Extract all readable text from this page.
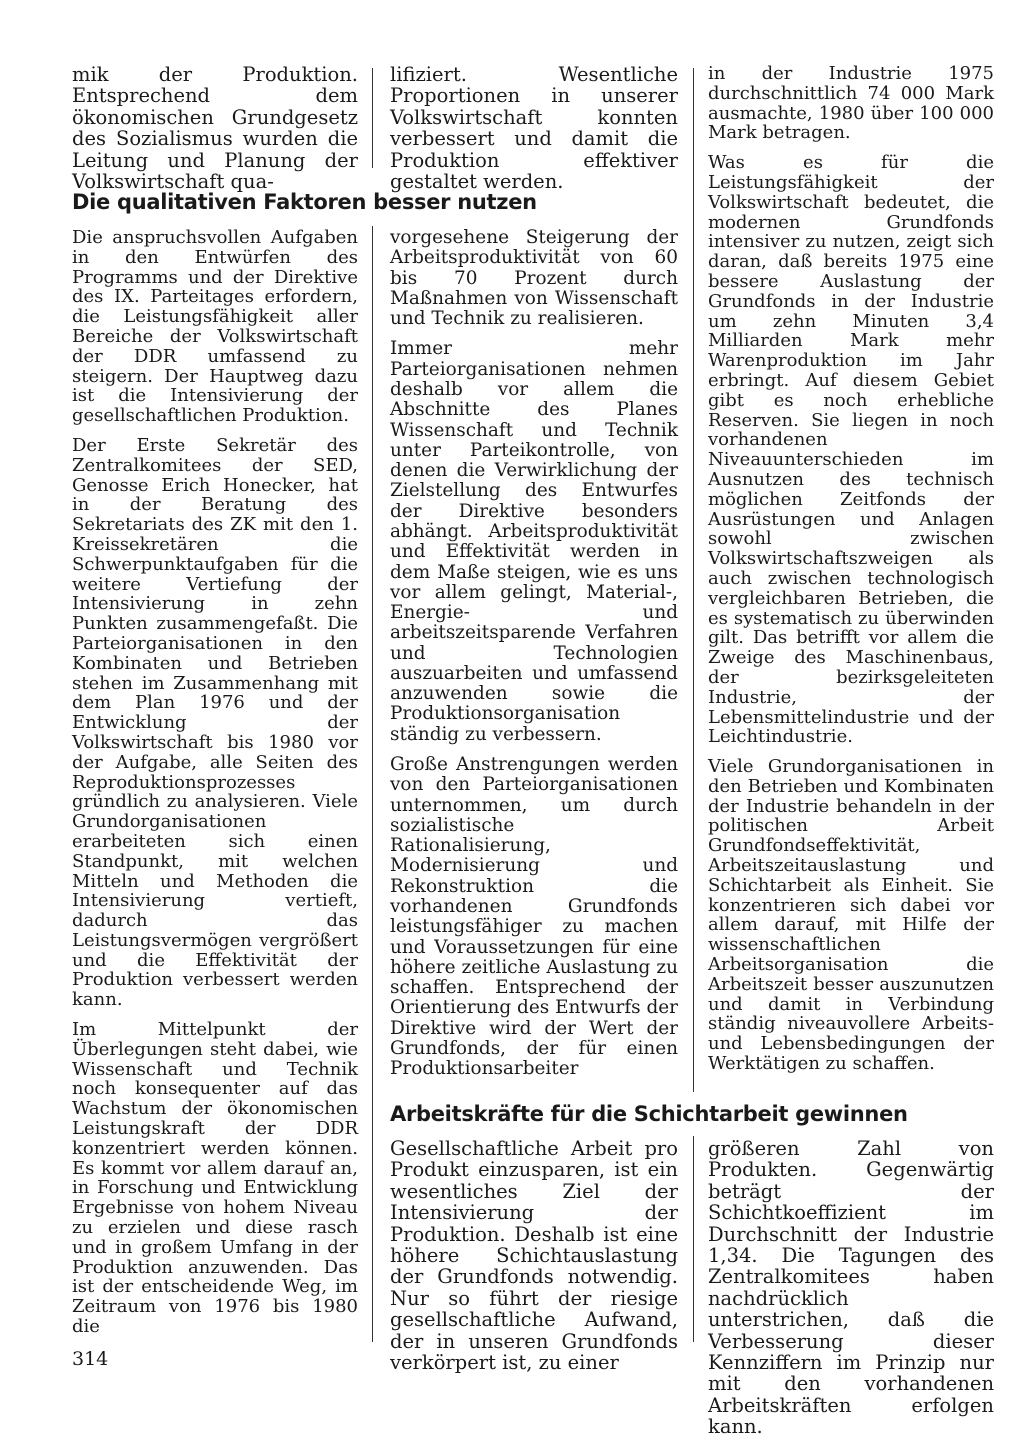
mik der Produktion. Entsprechend dem ökonomischen Grundgesetz des Sozialismus wurden die Leitung und Planung der Volkswirtschaft qua-

lifiziert. Wesentliche Proportionen in unserer Volkswirtschaft konnten verbessert und damit die Produktion effektiver gestaltet werden.

Die qualitativen Faktoren besser nutzen

Die anspruchsvollen Aufgaben in den Entwürfen des Programms und der Direktive des IX. Parteitages erfordern, die Leistungsfähigkeit aller Bereiche der Volkswirtschaft der DDR umfassend zu steigern. Der Hauptweg dazu ist die Intensivierung der gesellschaftlichen Produktion.

Der Erste Sekretär des Zentralkomitees der SED, Genosse Erich Honecker, hat in der Beratung des Sekretariats des ZK mit den 1. Kreissekretären die Schwerpunktaufgaben für die weitere Vertiefung der Intensivierung in zehn Punkten zusammengefaßt. Die Parteiorganisationen in den Kombinaten und Betrieben stehen im Zusammenhang mit dem Plan 1976 und der Entwicklung der Volkswirtschaft bis 1980 vor der Aufgabe, alle Seiten des Reproduktionsprozesses gründlich zu analysieren. Viele Grundorganisationen erarbeiteten sich einen Standpunkt, mit welchen Mitteln und Methoden die Intensivierung vertieft, dadurch das Leistungsvermögen vergrößert und die Effektivität der Produktion verbessert werden kann.

Im Mittelpunkt der Überlegungen steht dabei, wie Wissenschaft und Technik noch konsequenter auf das Wachstum der ökonomischen Leistungskraft der DDR konzentriert werden können. Es kommt vor allem darauf an, in Forschung und Entwicklung Ergebnisse von hohem Niveau zu erzielen und diese rasch und in großem Umfang in der Produktion anzuwenden. Das ist der entscheidende Weg, im Zeitraum von 1976 bis 1980 die

vorgesehene Steigerung der Arbeitsproduktivität von 60 bis 70 Prozent durch Maßnahmen von Wissenschaft und Technik zu realisieren.

Immer mehr Parteiorganisationen nehmen deshalb vor allem die Abschnitte des Planes Wissenschaft und Technik unter Parteikontrolle, von denen die Verwirklichung der Zielstellung des Entwurfes der Direktive besonders abhängt. Arbeitsproduktivität und Effektivität werden in dem Maße steigen, wie es uns vor allem gelingt, Material-, Energie- und arbeitszeitsparende Verfahren und Technologien auszuarbeiten und umfassend anzuwenden sowie die Produktionsorganisation ständig zu verbessern.

Große Anstrengungen werden von den Parteiorganisationen unternommen, um durch sozialistische Rationalisierung, Modernisierung und Rekonstruktion die vorhandenen Grundfonds leistungsfähiger zu machen und Voraussetzungen für eine höhere zeitliche Auslastung zu schaffen. Entsprechend der Orientierung des Entwurfs der Direktive wird der Wert der Grundfonds, der für einen Produktionsarbeiter

in der Industrie 1975 durchschnittlich 74 000 Mark ausmachte, 1980 über 100 000 Mark betragen.

Was es für die Leistungsfähigkeit der Volkswirtschaft bedeutet, die modernen Grundfonds intensiver zu nutzen, zeigt sich daran, daß bereits 1975 eine bessere Auslastung der Grundfonds in der Industrie um zehn Minuten 3,4 Milliarden Mark mehr Warenproduktion im Jahr erbringt. Auf diesem Gebiet gibt es noch erhebliche Reserven. Sie liegen in noch vorhandenen Niveauunterschieden im Ausnutzen des technisch möglichen Zeitfonds der Ausrüstungen und Anlagen sowohl zwischen Volkswirtschaftszweigen als auch zwischen technologisch vergleichbaren Betrieben, die es systematisch zu überwinden gilt. Das betrifft vor allem die Zweige des Maschinenbaus, der bezirksgeleiteten Industrie, der Lebensmittelindustrie und der Leichtindustrie.

Viele Grundorganisationen in den Betrieben und Kombinaten der Industrie behandeln in der politischen Arbeit Grundfondseffektivität, Arbeitszeitauslastung und Schichtarbeit als Einheit. Sie konzentrieren sich dabei vor allem darauf, mit Hilfe der wissenschaftlichen Arbeitsorganisation die Arbeitszeit besser auszunutzen und damit in Verbindung ständig niveauvollere Arbeits- und Lebensbedingungen der Werktätigen zu schaffen.

Arbeitskräfte für die Schichtarbeit gewinnen

Gesellschaftliche Arbeit pro Produkt einzusparen, ist ein wesentliches Ziel der Intensivierung der Produktion. Deshalb ist eine höhere Schichtauslastung der Grundfonds notwendig. Nur so führt der riesige gesellschaftliche Aufwand, der in unseren Grundfonds verkörpert ist, zu einer

größeren Zahl von Produkten. Gegenwärtig beträgt der Schichtkoeffizient im Durchschnitt der Industrie 1,34. Die Tagungen des Zentralkomitees haben nachdrücklich unterstrichen, daß die Verbesserung dieser Kennziffern im Prinzip nur mit den vorhandenen Arbeitskräften erfolgen kann.

314
